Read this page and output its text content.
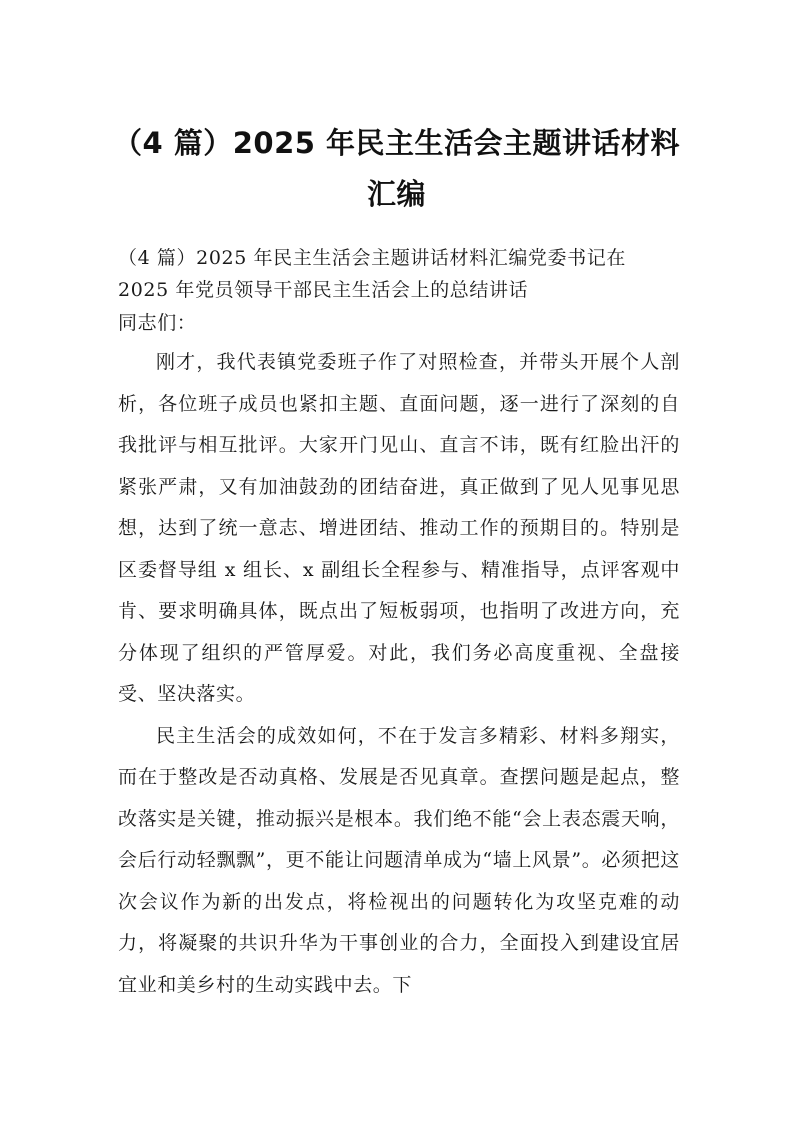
（4 篇）2025 年民主生活会主题讲话材料汇编
（4 篇）2025 年民主生活会主题讲话材料汇编党委书记在
2025 年党员领导干部民主生活会上的总结讲话

同志们：

刚才，我代表镇党委班子作了对照检查，并带头开展个人剖析，各位班子成员也紧扣主题、直面问题，逐一进行了深刻的自我批评与相互批评。大家开门见山、直言不讳，既有红脸出汗的紧张严肃，又有加油鼓劲的团结奋进，真正做到了见人见事见思想，达到了统一意志、增进团结、推动工作的预期目的。特别是区委督导组 x 组长、x 副组长全程参与、精准指导，点评客观中肯、要求明确具体，既点出了短板弱项，也指明了改进方向，充分体现了组织的严管厚爱。对此，我们务必高度重视、全盘接受、坚决落实。

民主生活会的成效如何，不在于发言多精彩、材料多翔实，而在于整改是否动真格、发展是否见真章。查摆问题是起点，整改落实是关键，推动振兴是根本。我们绝不能“会上表态震天响，会后行动轻飘飘”，更不能让问题清单成为“墙上风景”。必须把这次会议作为新的出发点，将检视出的问题转化为攻坚克难的动力，将凝聚的共识升华为干事创业的合力，全面投入到建设宜居宜业和美乡村的生动实践中去。下
